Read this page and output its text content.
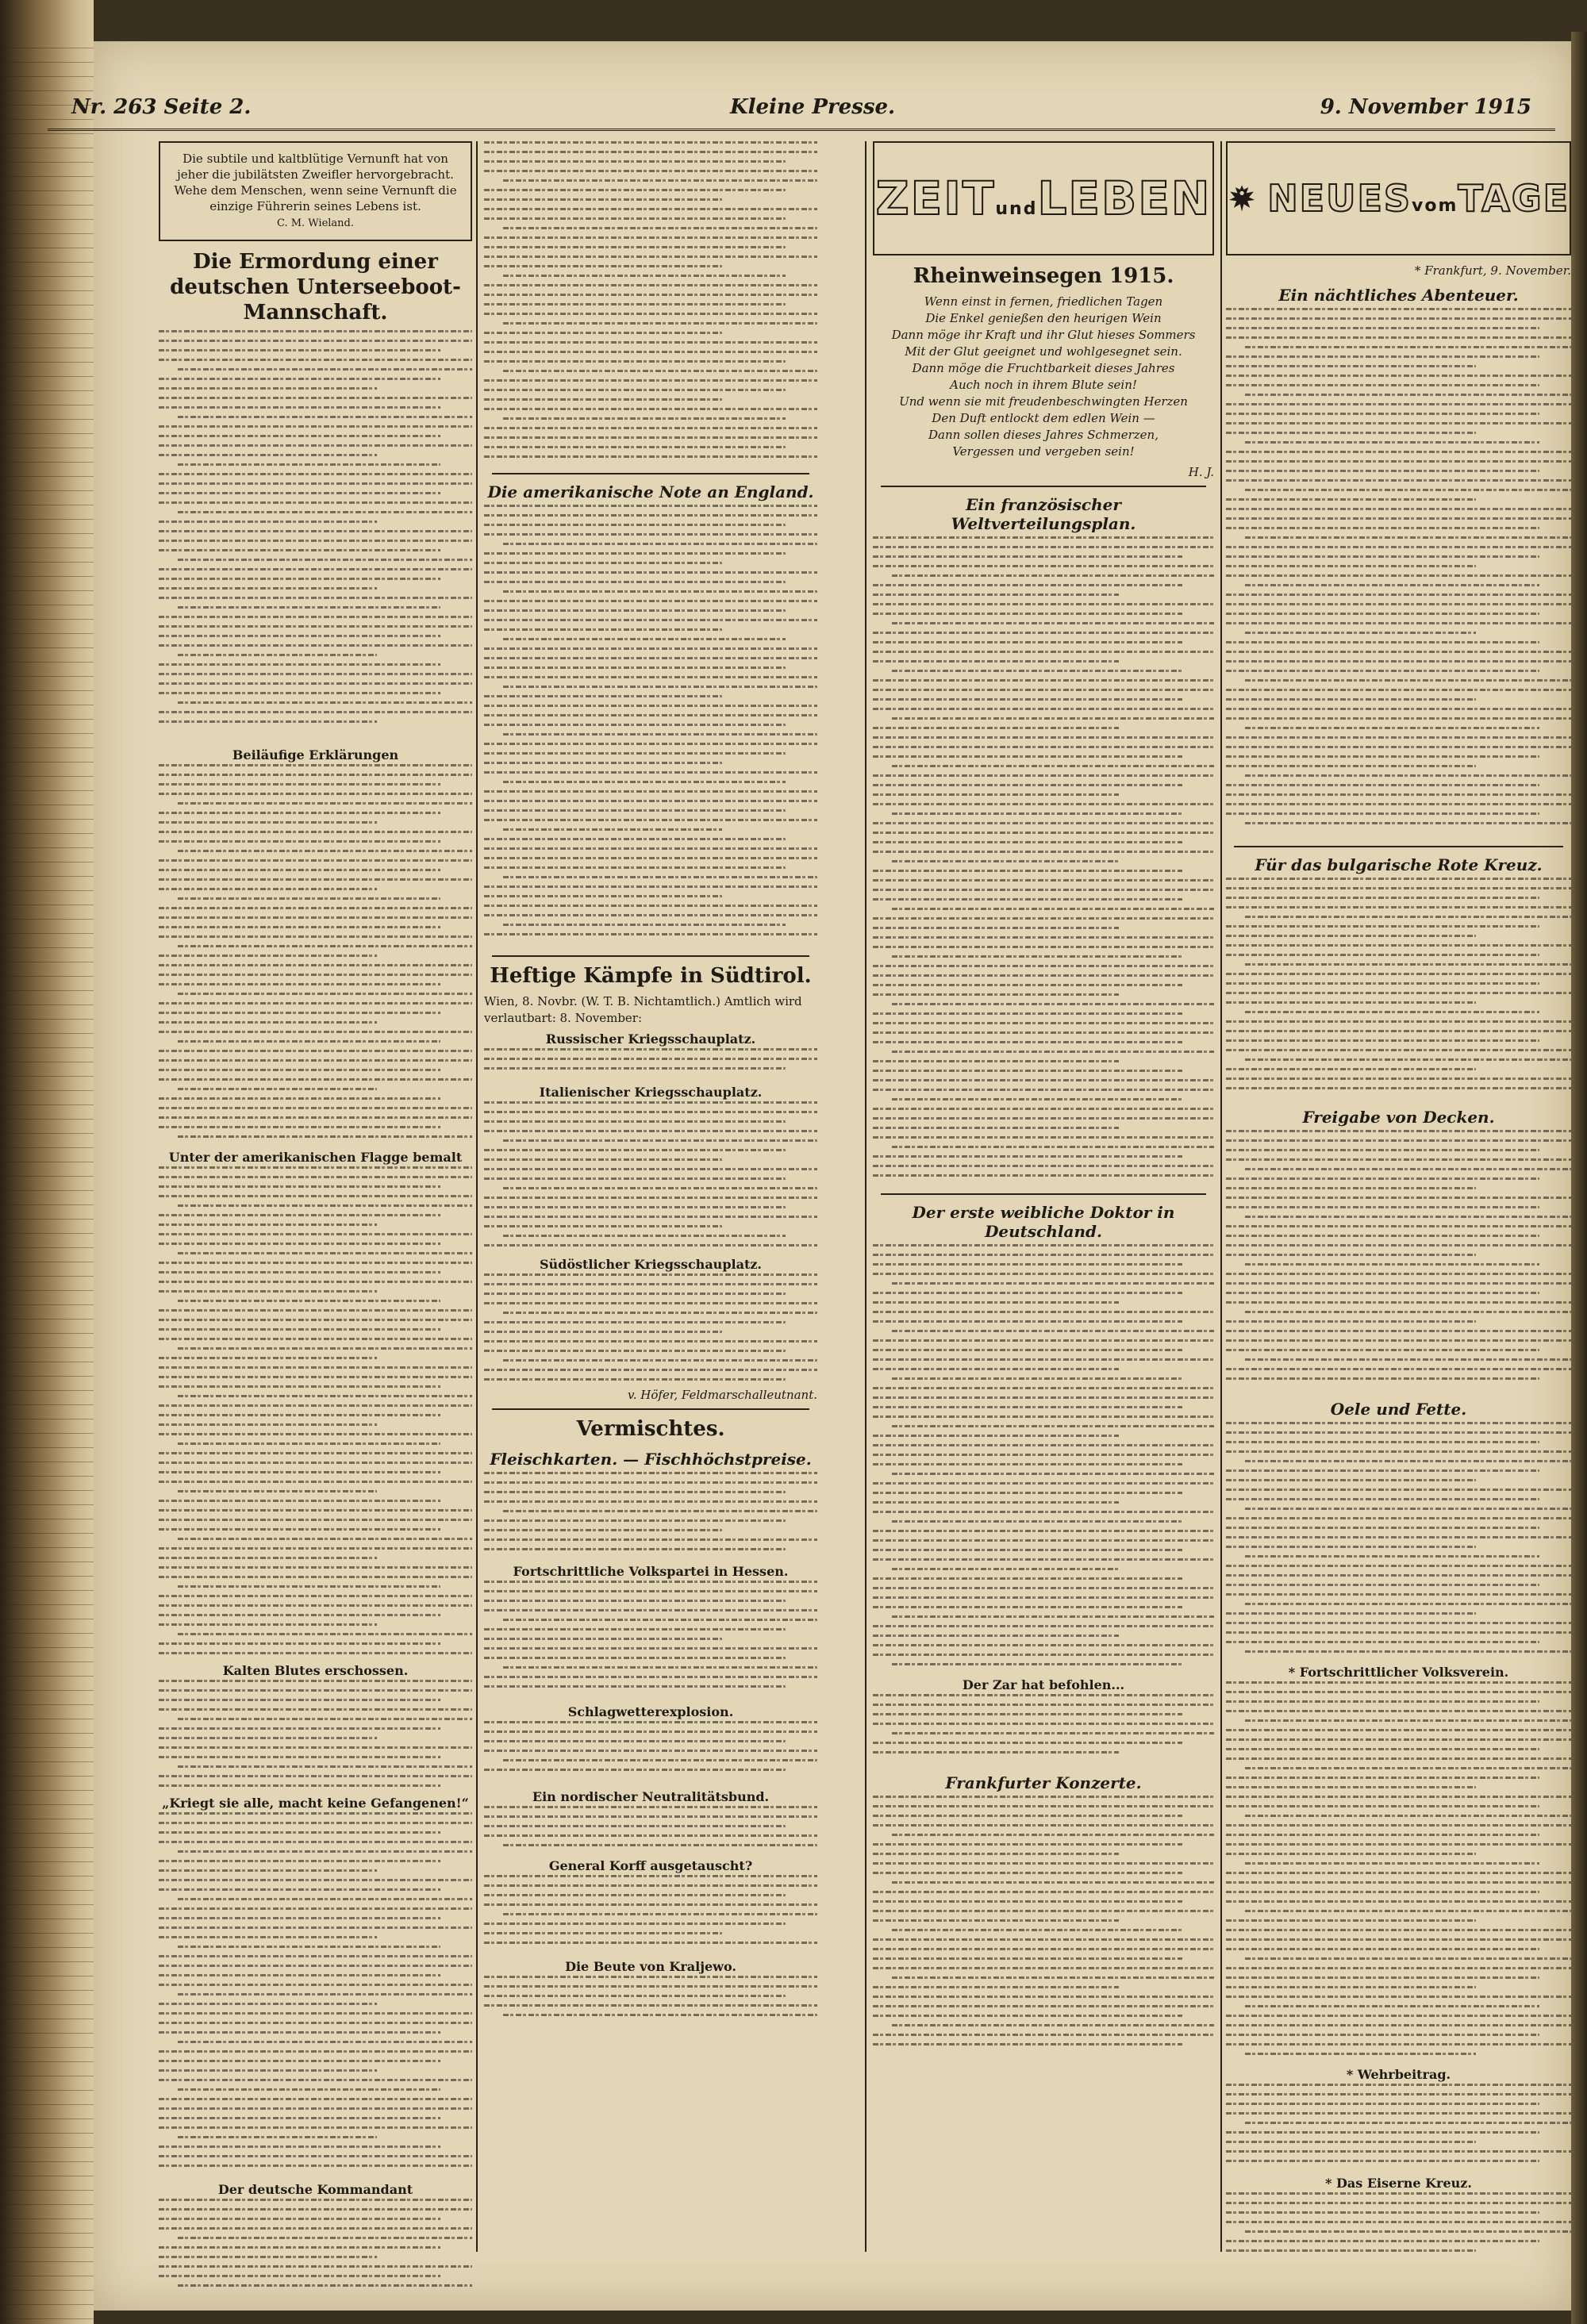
Nr. 263 Seite 2.	Kleine Presse.	9. November 1915
Die subtile und kaltblütige Vernunft hat von jeher die jubilätsten Zweifler hervorgebracht. Wehe dem Menschen, wenn seine Vernunft die einzige Führerin seines Lebens ist.
C. M. Wieland.
Die Ermordung einer deutschen Unterseeboot-Mannschaft.
Beiläufige Erklärungen
Unter der amerikanischen Flagge bemalt
Kalten Blutes erschossen.
„Kriegt sie alle, macht keine Gefangenen!“
Der deutsche Kommandant
Die amerikanische Note an England.
Heftige Kämpfe in Südtirol.
Wien, 8. Novbr. (W. T. B. Nichtamtlich.) Amtlich wird verlautbart: 8. November:
Russischer Kriegsschauplatz.
Italienischer Kriegsschauplatz.
Südöstlicher Kriegsschauplatz.
v. Höfer, Feldmarschalleutnant.
Vermischtes.
Fleischkarten. — Fischhöchstpreise.
Fortschrittliche Volkspartei in Hessen.
Schlagwetterexplosion.
Ein nordischer Neutralitätsbund.
General Korff ausgetauscht?
Die Beute von Kraljewo.
ZEIT und LEBEN
Rheinweinsegen 1915.
Wenn einst in fernen, friedlichen Tagen
Die Enkel genießen den heurigen Wein
Dann möge ihr Kraft und ihr Glut hieses Sommers
Mit der Glut geeignet und wohlgesegnet sein.
Dann möge die Fruchtbarkeit dieses Jahres
Auch noch in ihrem Blute sein!
Und wenn sie mit freudenbeschwingten Herzen
Den Duft entlockt dem edlen Wein —
Dann sollen dieses Jahres Schmerzen,
Vergessen und vergeben sein!
H. J.
Ein französischer Weltverteilungsplan.
Der erste weibliche Doktor in Deutschland.
Der Zar hat befohlen...
Frankfurter Konzerte.
NEUES vom TAGE
* Frankfurt, 9. November.
Ein nächtliches Abenteuer.
Für das bulgarische Rote Kreuz.
Freigabe von Decken.
Oele und Fette.
* Fortschrittlicher Volksverein.
* Wehrbeitrag.
* Das Eiserne Kreuz.
